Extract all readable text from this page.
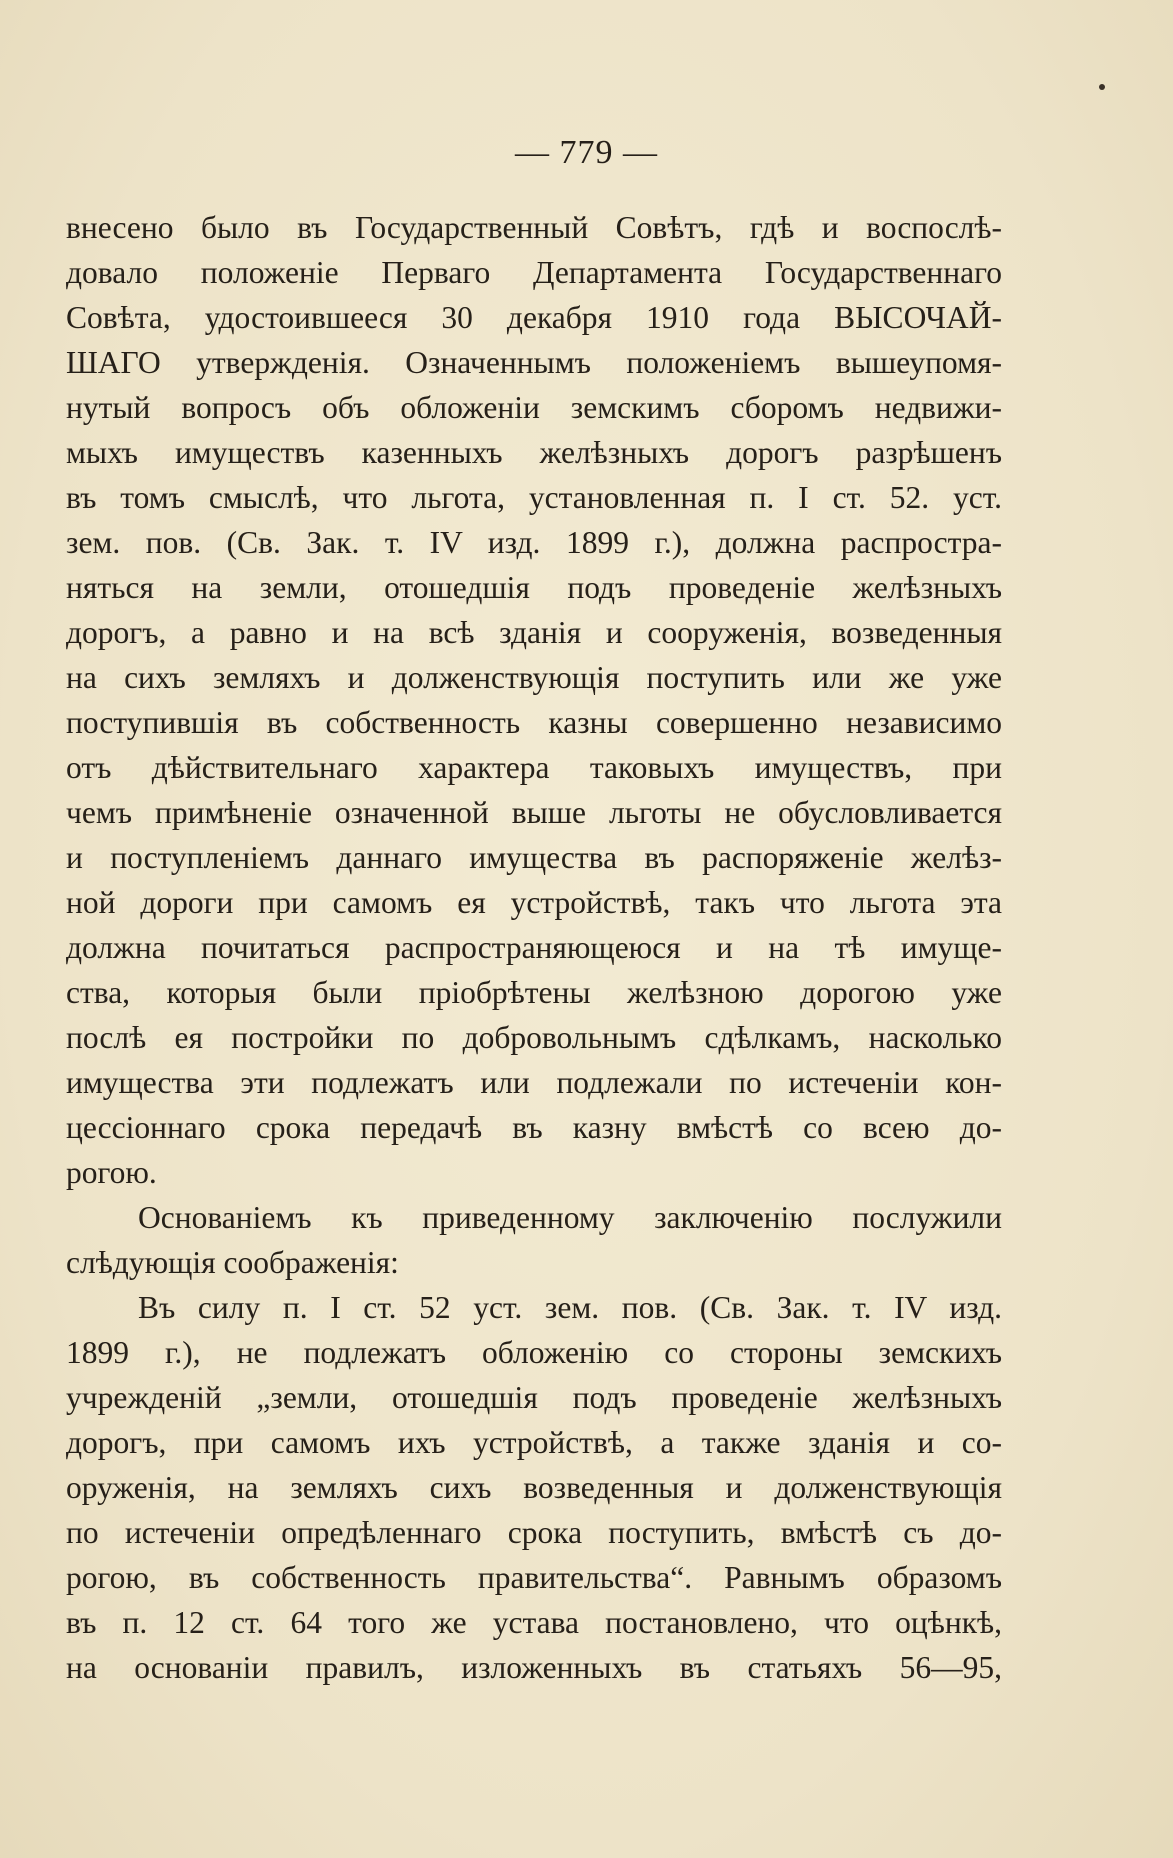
— 779 —
внесено было въ Государственный Совѣтъ, гдѣ и воспослѣ-
довало положеніе Перваго Департамента Государственнаго
Совѣта, удостоившееся 30 декабря 1910 года ВЫСОЧАЙ-
ШАГО утвержденія. Означеннымъ положеніемъ вышеупомя-
нутый вопросъ объ обложеніи земскимъ сборомъ недвижи-
мыхъ имуществъ казенныхъ желѣзныхъ дорогъ разрѣшенъ
въ томъ смыслѣ, что льгота, установленная п. I ст. 52. уст.
зем. пов. (Св. Зак. т. IV изд. 1899 г.), должна распростра-
няться на земли, отошедшія подъ проведеніе желѣзныхъ
дорогъ, а равно и на всѣ зданія и сооруженія, возведенныя
на сихъ земляхъ и долженствующія поступить или же уже
поступившія въ собственность казны совершенно независимо
отъ дѣйствительнаго характера таковыхъ имуществъ, при
чемъ примѣненіе означенной выше льготы не обусловливается
и поступленіемъ даннаго имущества въ распоряженіе желѣз-
ной дороги при самомъ ея устройствѣ, такъ что льгота эта
должна почитаться распространяющеюся и на тѣ имуще-
ства, которыя были пріобрѣтены желѣзною дорогою уже
послѣ ея постройки по добровольнымъ сдѣлкамъ, насколько
имущества эти подлежатъ или подлежали по истеченіи кон-
цессіоннаго срока передачѣ въ казну вмѣстѣ со всею до-
рогою.
Основаніемъ къ приведенному заключенію послужили
слѣдующія соображенія:
Въ силу п. I ст. 52 уст. зем. пов. (Св. Зак. т. IV изд.
1899 г.), не подлежатъ обложенію со стороны земскихъ
учрежденій „земли, отошедшія подъ проведеніе желѣзныхъ
дорогъ, при самомъ ихъ устройствѣ, а также зданія и со-
оруженія, на земляхъ сихъ возведенныя и долженствующія
по истеченіи опредѣленнаго срока поступить, вмѣстѣ съ до-
рогою, въ собственность правительства“. Равнымъ образомъ
въ п. 12 ст. 64 того же устава постановлено, что оцѣнкѣ,
на основаніи правилъ, изложенныхъ въ статьяхъ 56—95,
